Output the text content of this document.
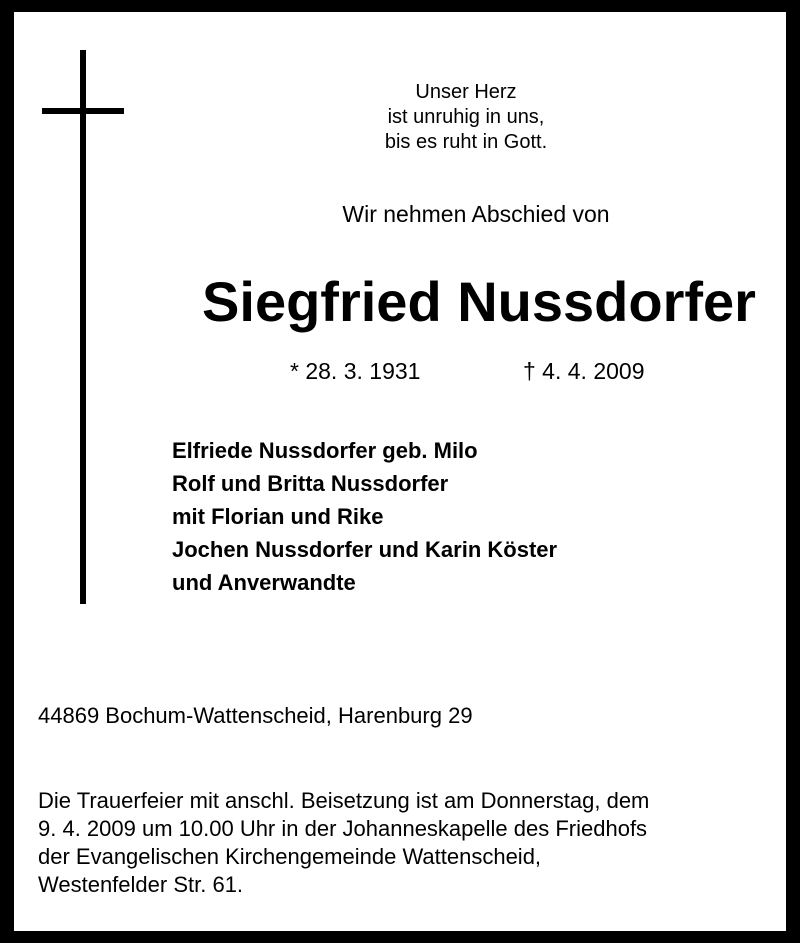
Unser Herz
ist unruhig in uns,
bis es ruht in Gott.
Wir nehmen Abschied von
Siegfried Nussdorfer
* 28. 3. 1931	† 4. 4. 2009
Elfriede Nussdorfer geb. Milo
Rolf und Britta Nussdorfer
mit Florian und Rike
Jochen Nussdorfer und Karin Köster
und Anverwandte
44869 Bochum-Wattenscheid, Harenburg 29
Die Trauerfeier mit anschl. Beisetzung ist am Donnerstag, dem
9. 4. 2009 um 10.00 Uhr in der Johanneskapelle des Friedhofs
der Evangelischen Kirchengemeinde Wattenscheid,
Westenfelder Str. 61.
